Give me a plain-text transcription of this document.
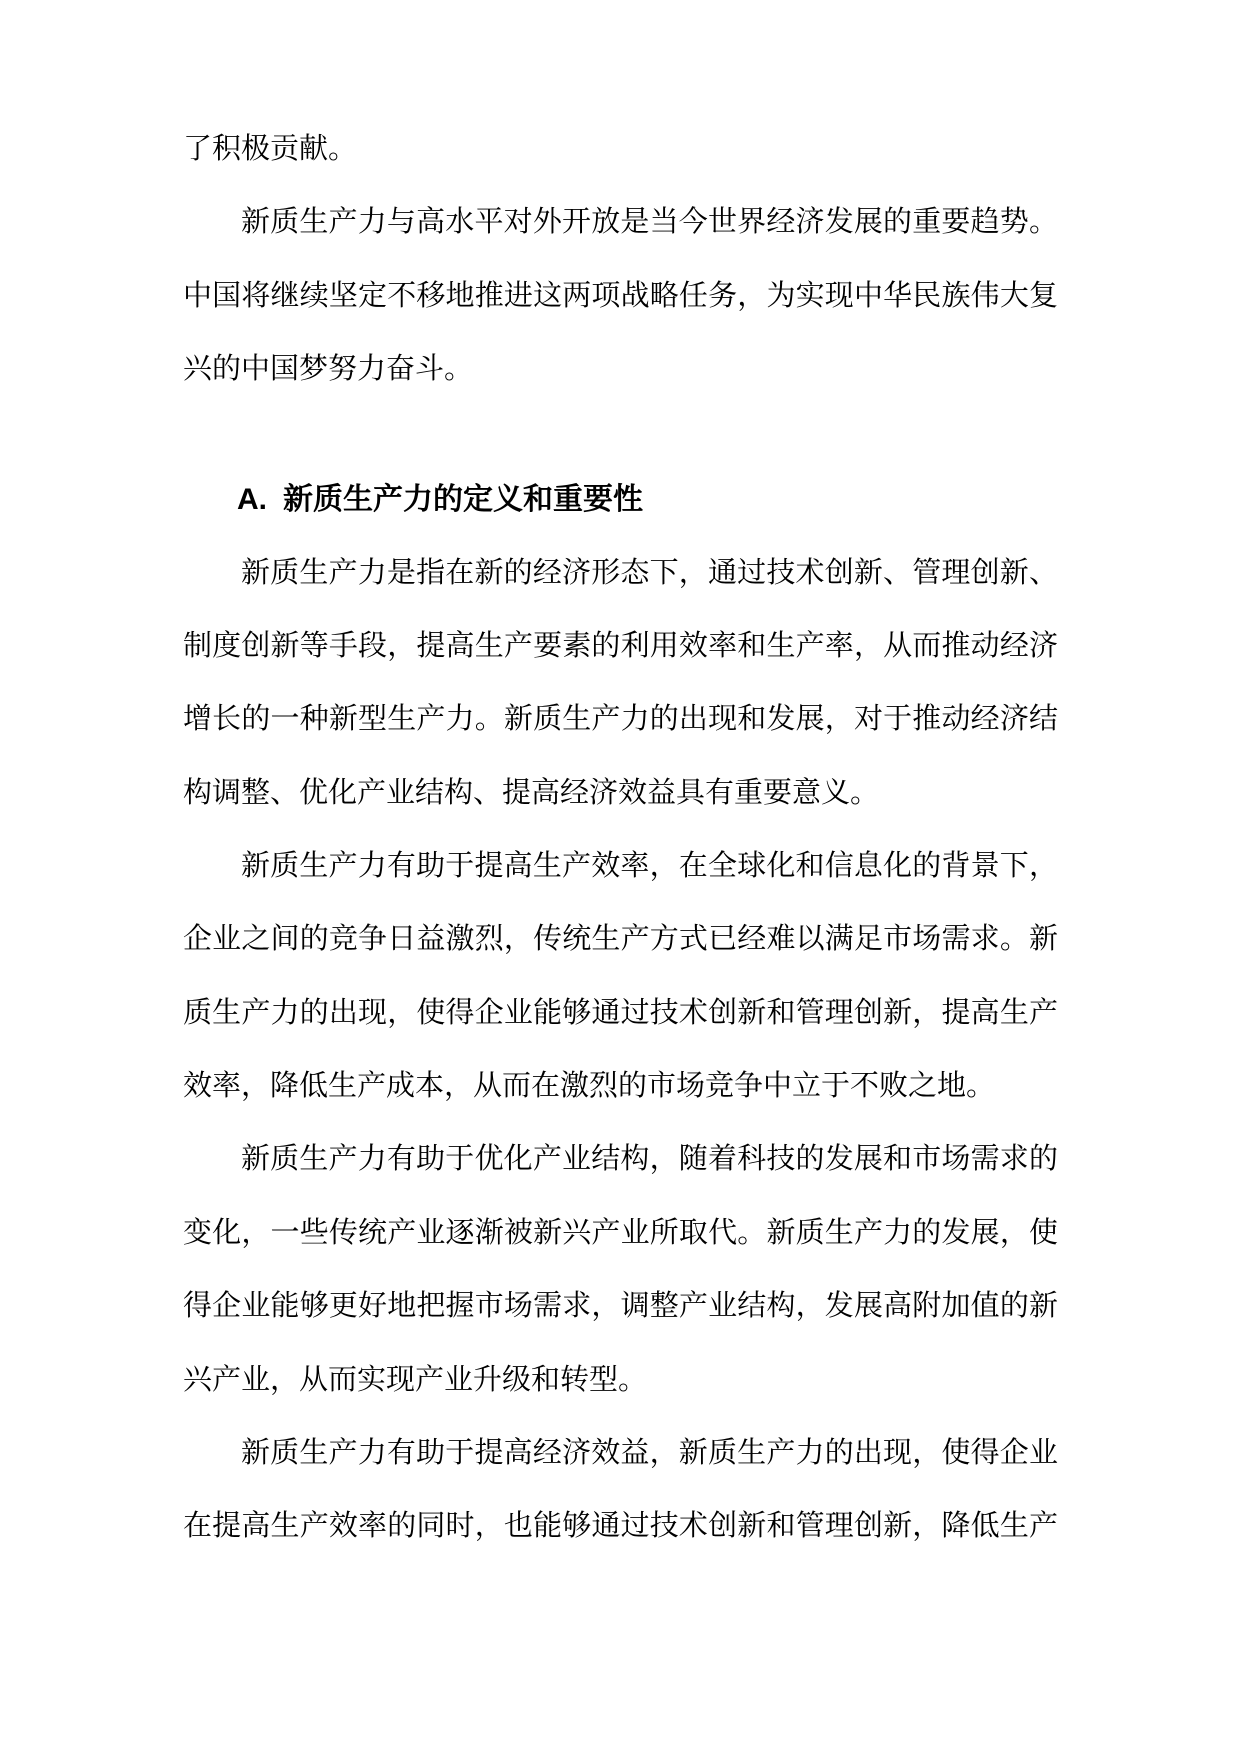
了积极贡献。

新质生产力与高水平对外开放是当今世界经济发展的重要趋势。
中国将继续坚定不移地推进这两项战略任务，为实现中华民族伟大复
兴的中国梦努力奋斗。

A. 新质生产力的定义和重要性

新质生产力是指在新的经济形态下，通过技术创新、管理创新、
制度创新等手段，提高生产要素的利用效率和生产率，从而推动经济
增长的一种新型生产力。新质生产力的出现和发展，对于推动经济结
构调整、优化产业结构、提高经济效益具有重要意义。

新质生产力有助于提高生产效率，在全球化和信息化的背景下，
企业之间的竞争日益激烈，传统生产方式已经难以满足市场需求。新
质生产力的出现，使得企业能够通过技术创新和管理创新，提高生产
效率，降低生产成本，从而在激烈的市场竞争中立于不败之地。

新质生产力有助于优化产业结构，随着科技的发展和市场需求的
变化，一些传统产业逐渐被新兴产业所取代。新质生产力的发展，使
得企业能够更好地把握市场需求，调整产业结构，发展高附加值的新
兴产业，从而实现产业升级和转型。

新质生产力有助于提高经济效益，新质生产力的出现，使得企业
在提高生产效率的同时，也能够通过技术创新和管理创新，降低生产
